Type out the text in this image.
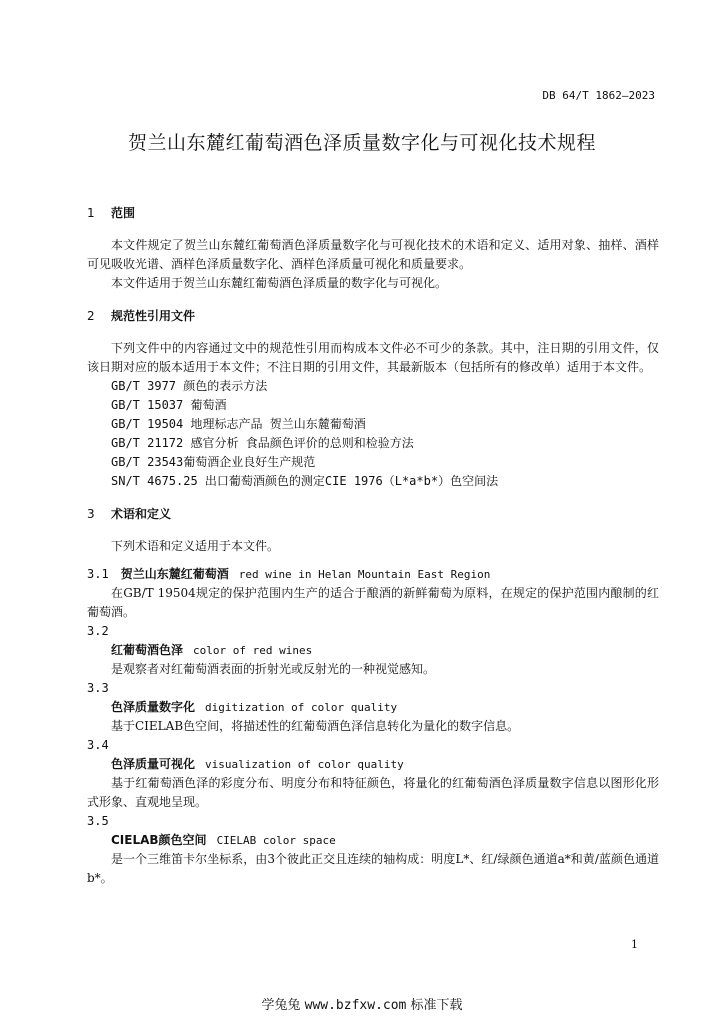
DB 64/T 1862—2023
贺兰山东麓红葡萄酒色泽质量数字化与可视化技术规程
1 范围

本文件规定了贺兰山东麓红葡萄酒色泽质量数字化与可视化技术的术语和定义、适用对象、抽样、酒样可见吸收光谱、酒样色泽质量数字化、酒样色泽质量可视化和质量要求。

本文件适用于贺兰山东麓红葡萄酒色泽质量的数字化与可视化。

2 规范性引用文件

下列文件中的内容通过文中的规范性引用而构成本文件必不可少的条款。其中，注日期的引用文件，仅该日期对应的版本适用于本文件；不注日期的引用文件，其最新版本（包括所有的修改单）适用于本文件。

GB/T 3977 颜色的表示方法
GB/T 15037 葡萄酒
GB/T 19504 地理标志产品 贺兰山东麓葡萄酒
GB/T 21172 感官分析 食品颜色评价的总则和检验方法
GB/T 23543葡萄酒企业良好生产规范
SN/T 4675.25 出口葡萄酒颜色的测定CIE 1976（L*a*b*）色空间法
3 术语和定义

下列术语和定义适用于本文件。

3.1 贺兰山东麓红葡萄酒 red wine in Helan Mountain East Region

在GB/T 19504规定的保护范围内生产的适合于酿酒的新鲜葡萄为原料，在规定的保护范围内酿制的红葡萄酒。

3.2
红葡萄酒色泽 color of red wines

是观察者对红葡萄酒表面的折射光或反射光的一种视觉感知。

3.3
色泽质量数字化 digitization of color quality

基于CIELAB色空间，将描述性的红葡萄酒色泽信息转化为量化的数字信息。

3.4
色泽质量可视化 visualization of color quality

基于红葡萄酒色泽的彩度分布、明度分布和特征颜色，将量化的红葡萄酒色泽质量数字信息以图形化形式形象、直观地呈现。

3.5
CIELAB颜色空间 CIELAB color space

是一个三维笛卡尔坐标系，由3个彼此正交且连续的轴构成：明度L*、红/绿颜色通道a*和黄/蓝颜色通道b*。

1
学兔兔 www.bzfxw.com 标准下载
